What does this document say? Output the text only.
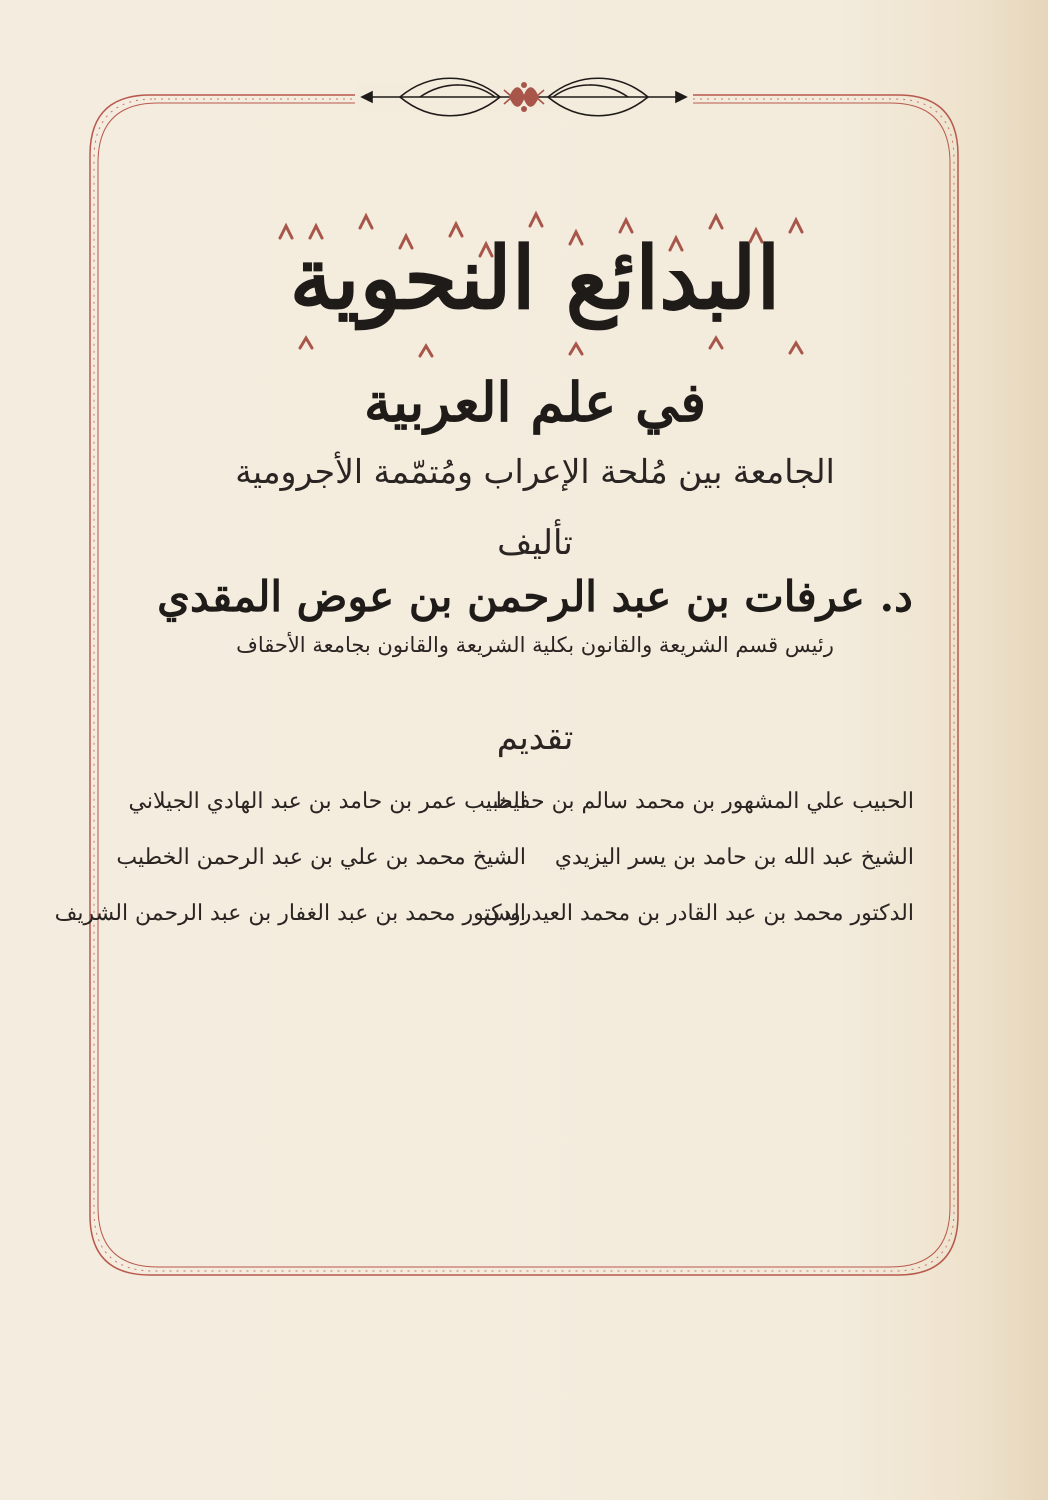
البدائع النحوية
في علم العربية
الجامعة بين مُلحة الإعراب ومُتمّمة الأجرومية
تأليف
د. عرفات بن عبد الرحمن بن عوض المقدي
رئيس قسم الشريعة والقانون بكلية الشريعة والقانون بجامعة الأحقاف
تقديم
الحبيب علي المشهور بن محمد سالم بن حفيظ
الشيخ عبد الله بن حامد بن يسر اليزيدي
الدكتور محمد بن عبد القادر بن محمد العيدروس
الحبيب عمر بن حامد بن عبد الهادي الجيلاني
الشيخ محمد بن علي بن عبد الرحمن الخطيب
الدكتور محمد بن عبد الغفار بن عبد الرحمن الشريف
